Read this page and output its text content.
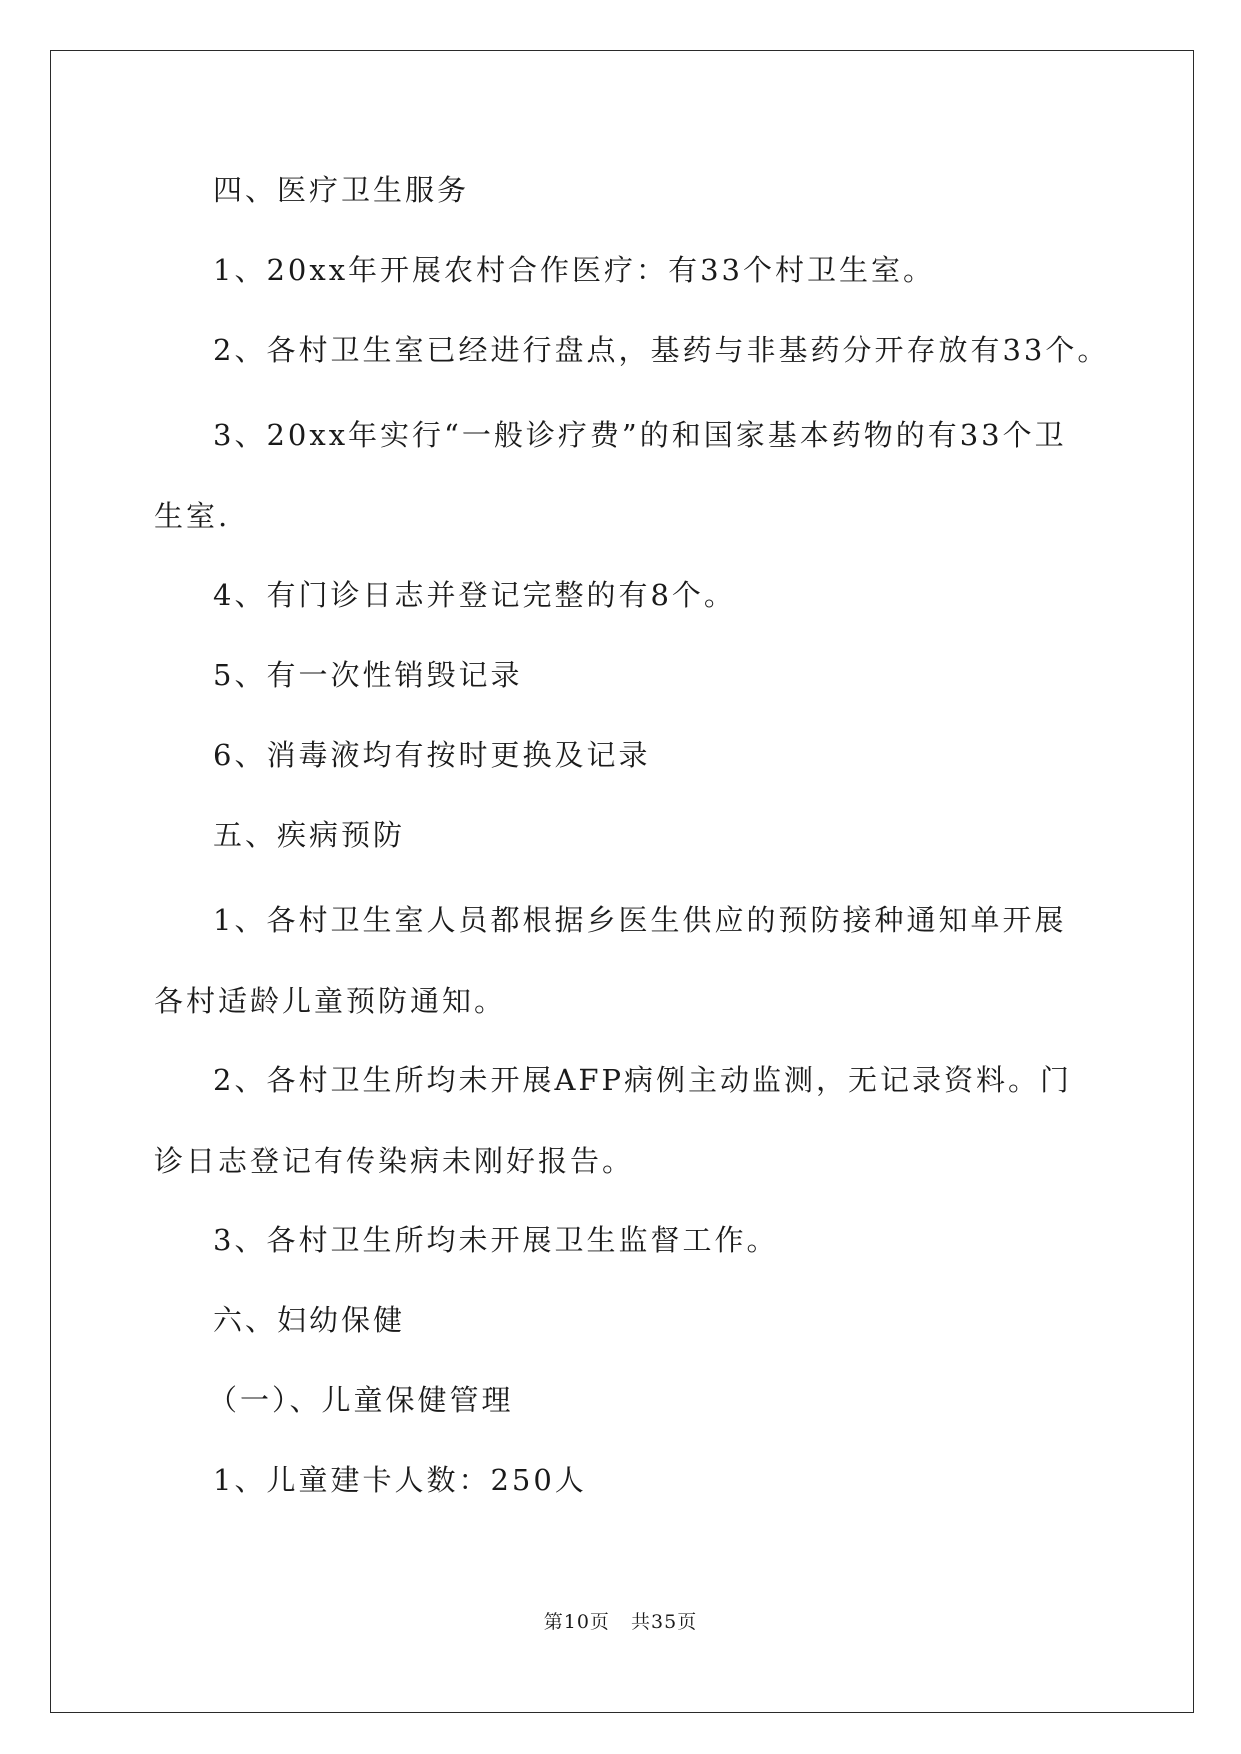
四、医疗卫生服务

1、20xx年开展农村合作医疗：有33个村卫生室。

2、各村卫生室已经进行盘点，基药与非基药分开存放有33个。

3、20xx年实行“一般诊疗费”的和国家基本药物的有33个卫生室.

4、有门诊日志并登记完整的有8个。

5、有一次性销毁记录

6、消毒液均有按时更换及记录

五、疾病预防

1、各村卫生室人员都根据乡医生供应的预防接种通知单开展各村适龄儿童预防通知。

2、各村卫生所均未开展AFP病例主动监测，无记录资料。门诊日志登记有传染病未刚好报告。

3、各村卫生所均未开展卫生监督工作。

六、妇幼保健

（一）、儿童保健管理

1、儿童建卡人数：250人

第10页   共35页
